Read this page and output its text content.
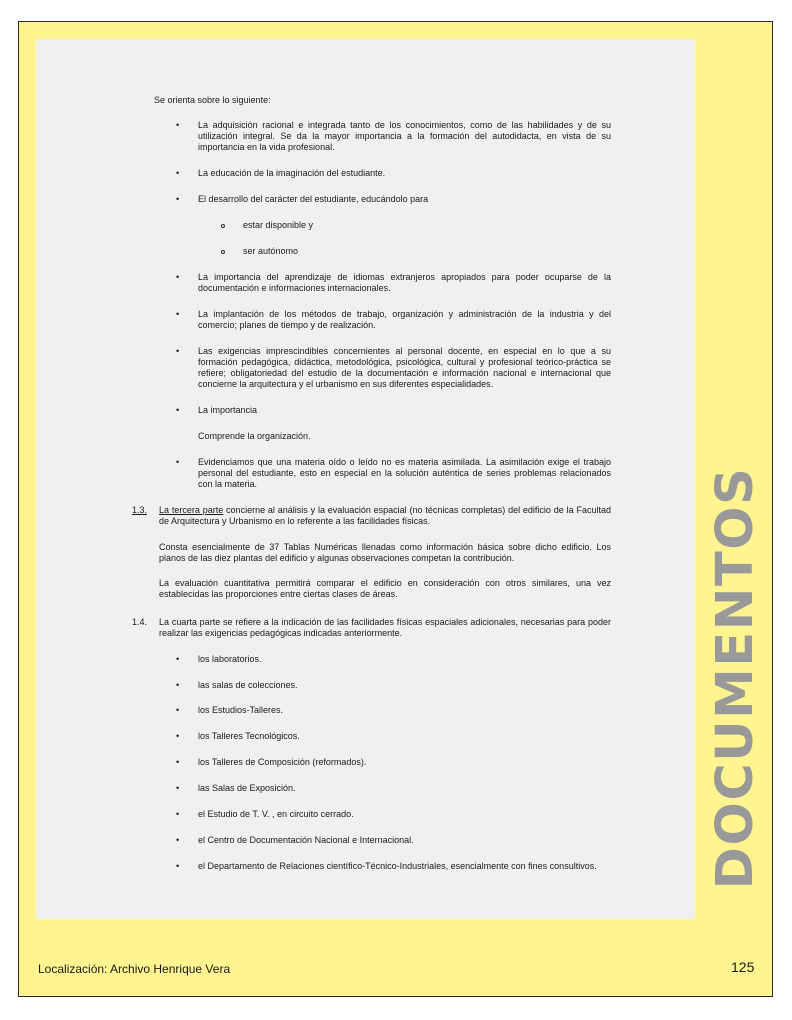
DOCUMENTOS
Localización: Archivo Henrique Vera	125
Se orienta sobre lo siguiente:
• La adquisición racional e integrada tanto de los conocimientos, como de las habilidades y de su utilización integral. Se da la mayor importancia a la formación del autodidacta, en vista de su importancia en la vida profesional.
• La educación de la imaginación del estudiante.
• El desarrollo del carácter del estudiante, educándolo para
estar disponible y
ser autónomo
• La importancia del aprendizaje de idiomas extranjeros apropiados para poder ocuparse de la documentación e informaciones internacionales.
• La implantación de los métodos de trabajo, organización y administración de la industria y del comercio; planes de tiempo y de realización.
• Las exigencias imprescindibles concernientes al personal docente, en especial en lo que a su formación pedagógica, didáctica, metodológica, psicológica, cultural y profesional teórico-práctica se refiere; obligatoriedad del estudio de la documentación e información nacional e internacional que concierne la arquitectura y el urbanismo en sus diferentes especialidades.
• La importancia
Comprende la organización.
• Evidenciamos que una materia oído o leído no es materia asimilada. La asimilación exige el trabajo personal del estudiante, esto en especial en la solución auténtica de series problemas relacionados con la materia.
1.3. La tercera parte concierne al análisis y la evaluación espacial (no técnicas completas) del edificio de la Facultad de Arquitectura y Urbanismo en lo referente a las facilidades físicas.
Consta esencialmente de 37 Tablas Numéricas llenadas como información básica sobre dicho edificio. Los planos de las diez plantas del edificio y algunas observaciones competan la contribución.
La evaluación cuantitativa permitirá comparar el edificio en consideración con otros similares, una vez establecidas las proporciones entre ciertas clases de áreas.
1.4. La cuarta parte se refiere a la indicación de las facilidades físicas espaciales adicionales, necesarias para poder realizar las exigencias pedagógicas indicadas anteriormente.
• los laboratorios.
• las salas de colecciones.
• los Estudios-Talleres.
• los Talleres Tecnológicos.
• los Talleres de Composición (reformados).
• las Salas de Exposición.
• el Estudio de T. V. , en circuito cerrado.
• el Centro de Documentación Nacional e Internacional.
• el Departamento de Relaciones científico-Técnico-Industriales, esencialmente con fines consultivos.
